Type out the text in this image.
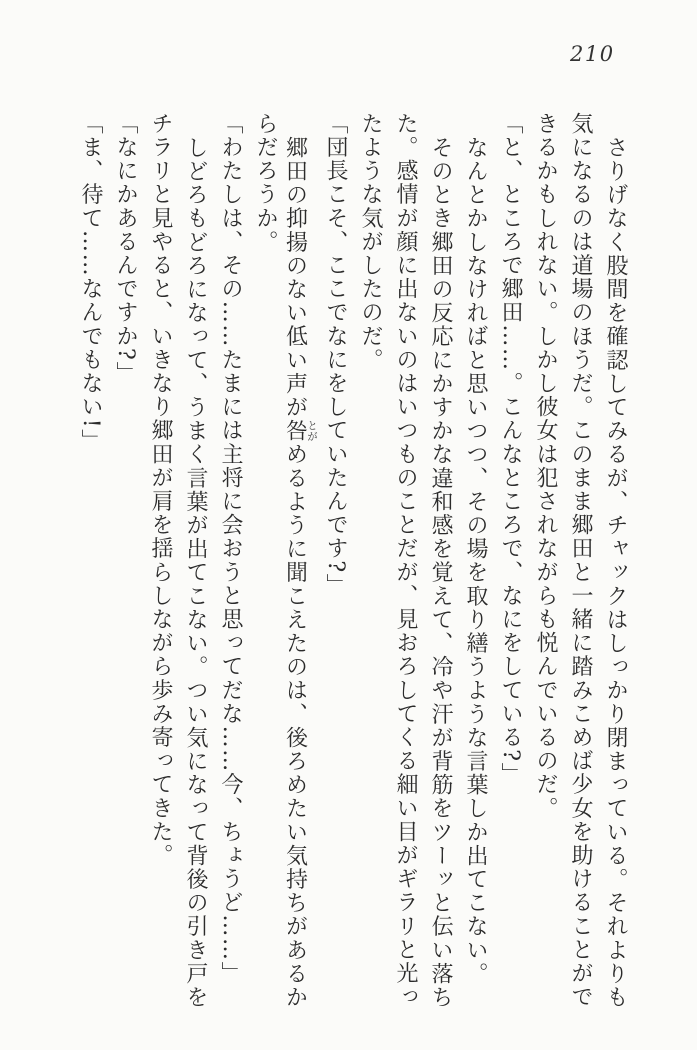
210
さりげなく股間を確認してみるが、チャックはしっかり閉まっている。それよりも
気になるのは道場のほうだ。このまま郷田と一緒に踏みこめば少女を助けることがで
きるかもしれない。しかし彼女は犯されながらも悦んでいるのだ。
「と、ところで郷田……。こんなところで、なにをしている?」
なんとかしなければと思いつつ、その場を取り繕うような言葉しか出てこない。
そのとき郷田の反応にかすかな違和感を覚えて、冷や汗が背筋をツーッと伝い落ち
た。感情が顔に出ないのはいつものことだが、見おろしてくる細い目がギラリと光っ
たような気がしたのだ。
「団長こそ、ここでなにをしていたんです?」
郷田の抑揚のない低い声が咎とがめるように聞こえたのは、後ろめたい気持ちがあるか
らだろうか。
「わたしは、その……たまには主将に会おうと思ってだな……今、ちょうど……」
しどろもどろになって、うまく言葉が出てこない。つい気になって背後の引き戸を
チラリと見やると、いきなり郷田が肩を揺らしながら歩み寄ってきた。
「なにかあるんですか?」
「ま、待て……なんでもない!」
